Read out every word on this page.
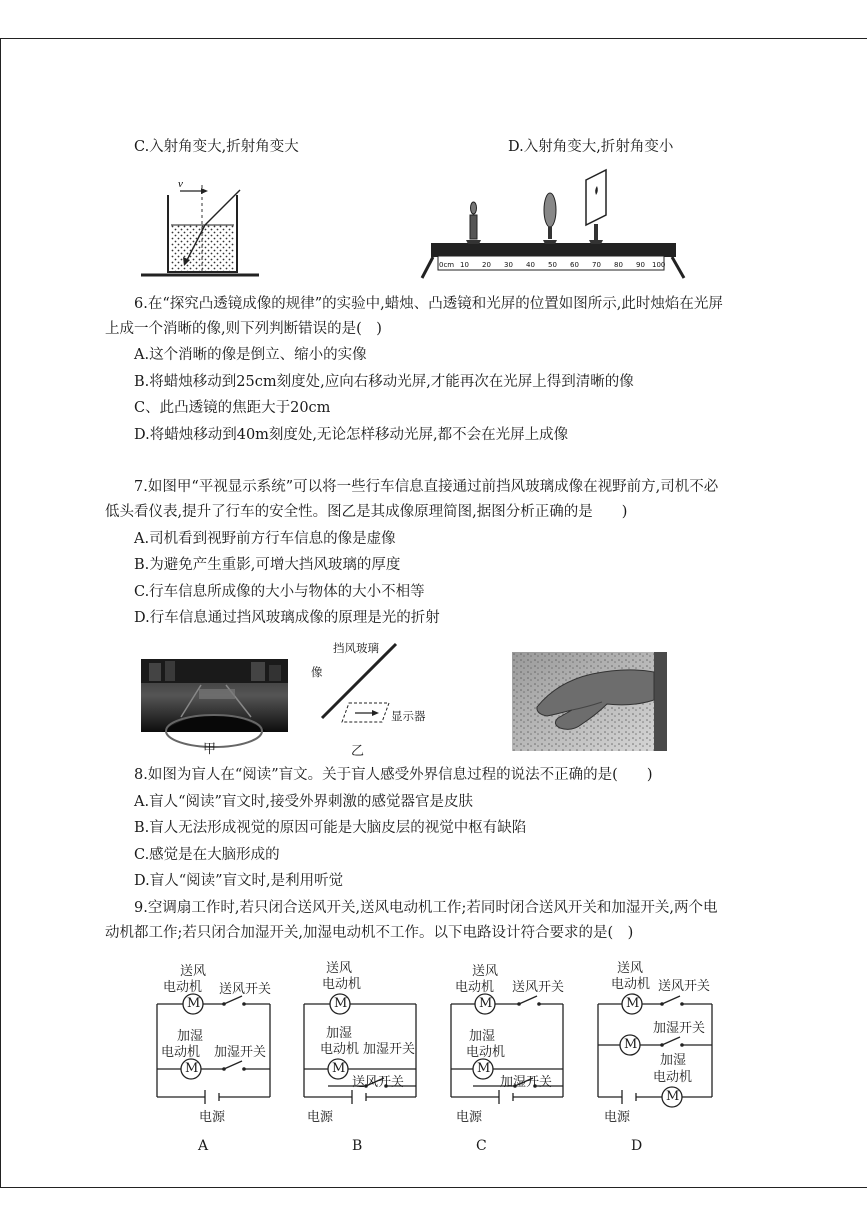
C.入射角变大,折射角变大	D.入射角变大,折射角变小
v
0cm 10 20 30 40 50 60 70 80 90 100
6.在“探究凸透镜成像的规律”的实验中,蜡烛、凸透镜和光屏的位置如图所示,此时烛焰在光屏
上成一个消晰的像,则下列判断错误的是(　)
A.这个消晰的像是倒立、缩小的实像
B.将蜡烛移动到25cm刻度处,应向右移动光屏,才能再次在光屏上得到清晰的像
C、此凸透镜的焦距大于20cm
D.将蜡烛移动到40m刻度处,无论怎样移动光屏,都不会在光屏上成像
7.如图甲“平视显示系统”可以将一些行车信息直接通过前挡风玻璃成像在视野前方,司机不必
低头看仪表,提升了行车的安全性。图乙是其成像原理简图,据图分析正确的是　　)
A.司机看到视野前方行车信息的像是虚像
B.为避免产生重影,可增大挡风玻璃的厚度
C.行车信息所成像的大小与物体的大小不相等
D.行车信息通过挡风玻璃成像的原理是光的折射
甲
挡风玻璃
像
显示器
乙
8.如图为盲人在“阅读”盲文。关于盲人感受外界信息过程的说法不正确的是(　　)
A.盲人“阅读”盲文时,接受外界刺激的感觉器官是皮肤
B.盲人无法形成视觉的原因可能是大脑皮层的视觉中枢有缺陷
C.感觉是在大脑形成的
D.盲人“阅读”盲文时,是利用听觉
9.空调扇工作时,若只闭合送风开关,送风电动机工作;若同时闭合送风开关和加湿开关,两个电
动机都工作;若只闭合加湿开关,加湿电动机不工作。以下电路设计符合要求的是(　)
M
M
送风
电动机 送风开关
加湿
电动机 加湿开关
电源
A
M
M
送风
电动机
加湿
电动机 加湿开关
送风开关
电源
B
M
M
送风
电动机 送风开关
加湿
电动机
加湿开关
电源
C
M
M
M
送风
电动机 送风开关
加湿开关
加湿
电动机
电源
D
